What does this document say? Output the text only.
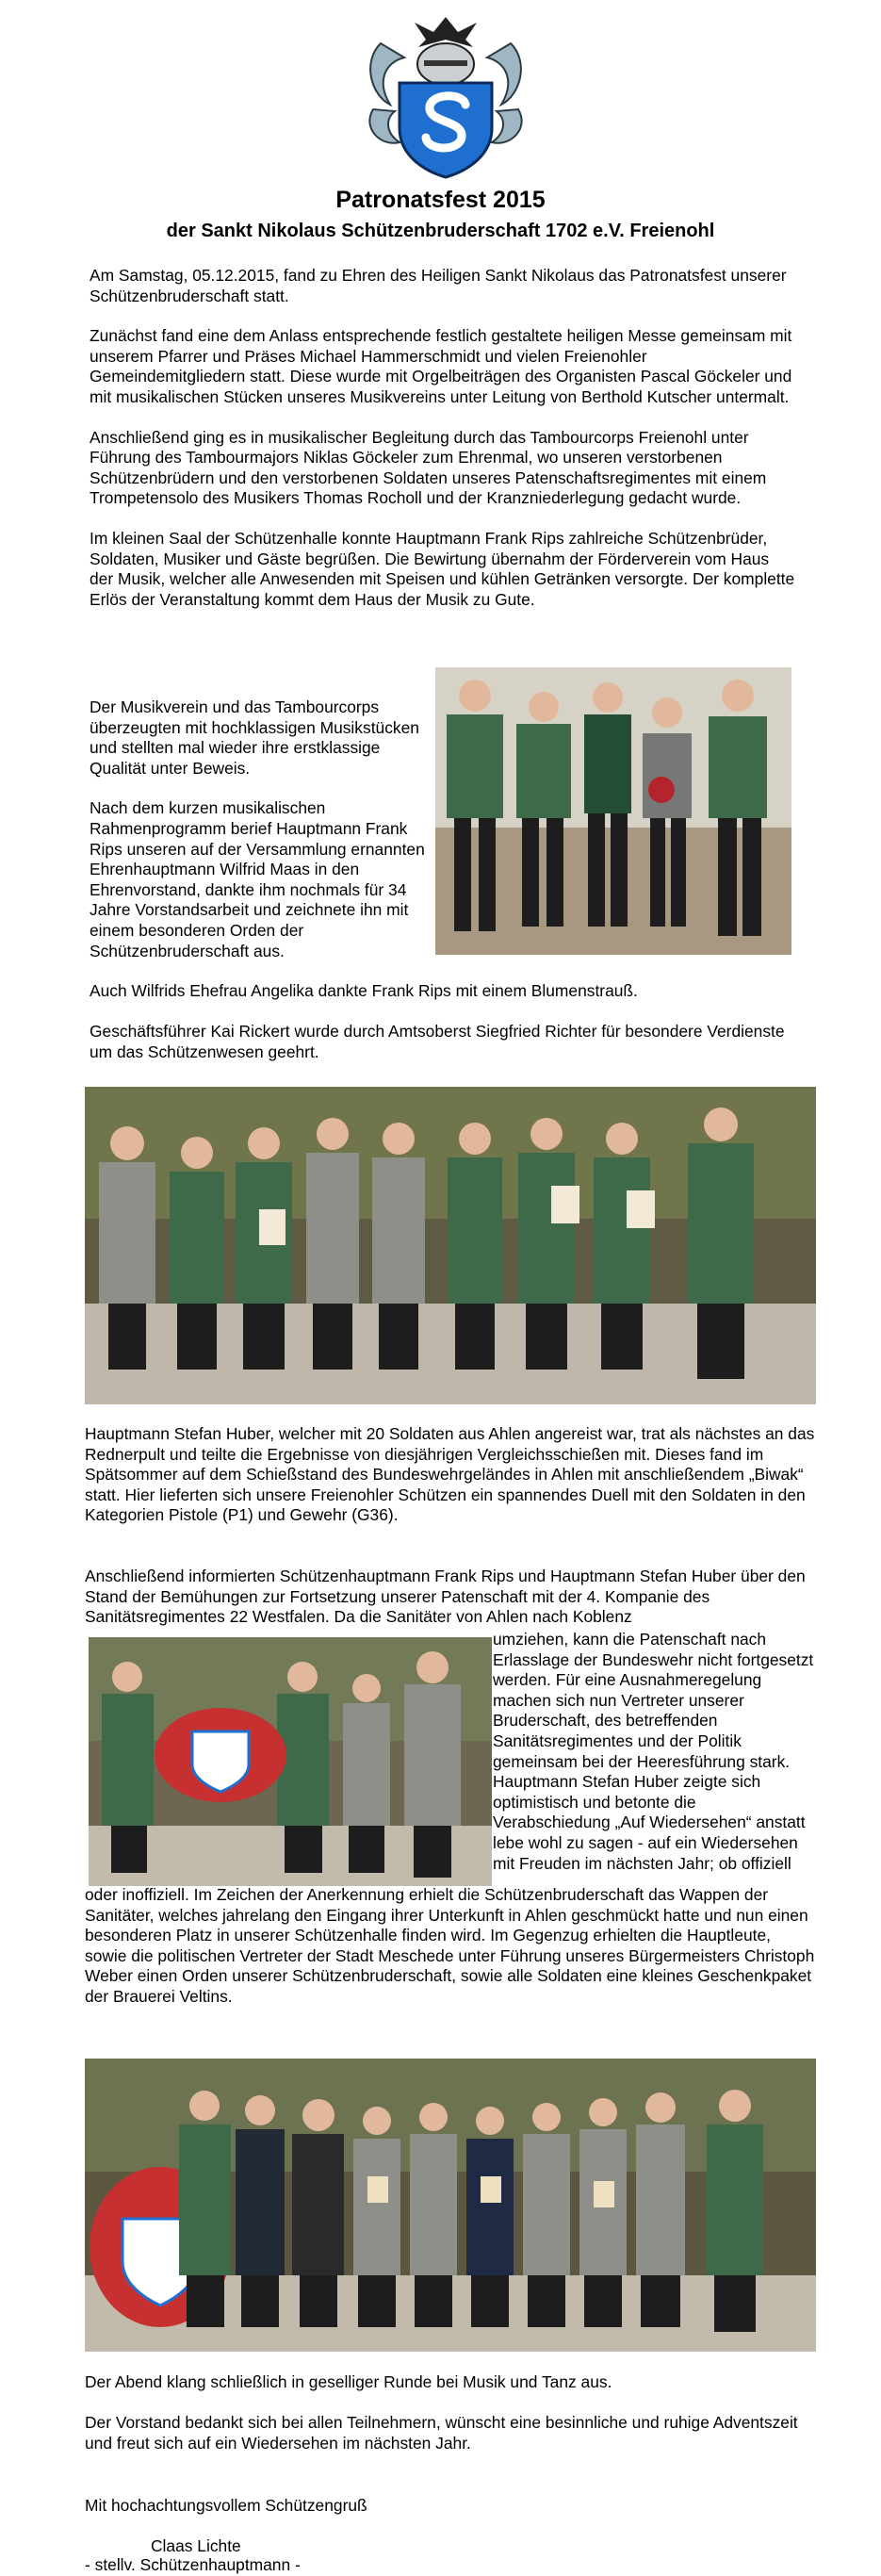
Patronatsfest 2015
der Sankt Nikolaus Schützenbruderschaft 1702 e.V. Freienohl

Am Samstag, 05.12.2015, fand zu Ehren des Heiligen Sankt Nikolaus das Patronatsfest unserer Schützenbruderschaft statt.

Zunächst fand eine dem Anlass entsprechende festlich gestaltete heiligen Messe gemeinsam mit unserem Pfarrer und Präses Michael Hammerschmidt und vielen Freienohler Gemeindemitgliedern statt. Diese wurde mit Orgelbeiträgen des Organisten Pascal Göckeler und mit musikalischen Stücken unseres Musikvereins unter Leitung von Berthold Kutscher untermalt.

Anschließend ging es in musikalischer Begleitung durch das Tambourcorps Freienohl unter Führung des Tambourmajors Niklas Göckeler zum Ehrenmal, wo unseren verstorbenen Schützenbrüdern und den verstorbenen Soldaten unseres Patenschaftsregimentes mit einem Trompetensolo des Musikers Thomas Rocholl und der Kranzniederlegung gedacht wurde.

Im kleinen Saal der Schützenhalle konnte Hauptmann Frank Rips zahlreiche Schützenbrüder, Soldaten, Musiker und Gäste begrüßen. Die Bewirtung übernahm der Förderverein vom Haus der Musik, welcher alle Anwesenden mit Speisen und kühlen Getränken versorgte. Der komplette Erlös der Veranstaltung kommt dem Haus der Musik zu Gute.

Der Musikverein und das Tambourcorps überzeugten mit hochklassigen Musikstücken und stellten mal wieder ihre erstklassige Qualität unter Beweis.

Nach dem kurzen musikalischen Rahmenprogramm berief Hauptmann Frank Rips unseren auf der Versammlung ernannten Ehrenhauptmann Wilfrid Maas in den Ehrenvorstand, dankte ihm nochmals für 34 Jahre Vorstandsarbeit und zeichnete ihn mit einem besonderen Orden der Schützenbruderschaft aus.

Auch Wilfrids Ehefrau Angelika dankte Frank Rips mit einem Blumenstrauß.
Geschäftsführer Kai Rickert wurde durch Amtsoberst Siegfried Richter für besondere Verdienste um das Schützenwesen geehrt.
Hauptmann Stefan Huber, welcher mit 20 Soldaten aus Ahlen angereist war, trat als nächstes an das Rednerpult und teilte die Ergebnisse von diesjährigen Vergleichsschießen mit. Dieses fand im Spätsommer auf dem Schießstand des Bundeswehrgeländes in Ahlen mit anschließendem „Biwak“ statt. Hier lieferten sich unsere Freienohler Schützen ein spannendes Duell mit den Soldaten in den Kategorien Pistole (P1) und Gewehr (G36).
Anschließend informierten Schützenhauptmann Frank Rips und Hauptmann Stefan Huber über den Stand der Bemühungen zur Fortsetzung unserer Patenschaft mit der 4. Kompanie des Sanitätsregimentes 22 Westfalen. Da die Sanitäter von Ahlen nach Koblenz
umziehen, kann die Patenschaft nach Erlasslage der Bundeswehr nicht fortgesetzt werden. Für eine Ausnahmeregelung machen sich nun Vertreter unserer Bruderschaft, des betreffenden Sanitätsregimentes und der Politik gemeinsam bei der Heeresführung stark. Hauptmann Stefan Huber zeigte sich optimistisch und betonte die Verabschiedung „Auf Wiedersehen“ anstatt lebe wohl zu sagen - auf ein Wiedersehen mit Freuden im nächsten Jahr; ob offiziell
oder inoffiziell. Im Zeichen der Anerkennung erhielt die Schützenbruderschaft das Wappen der Sanitäter, welches jahrelang den Eingang ihrer Unterkunft in Ahlen geschmückt hatte und nun einen besonderen Platz in unserer Schützenhalle finden wird. Im Gegenzug erhielten die Hauptleute, sowie die politischen Vertreter der Stadt Meschede unter Führung unseres Bürgermeisters Christoph Weber einen Orden unserer Schützenbruderschaft, sowie alle Soldaten eine kleines Geschenkpaket der Brauerei Veltins.
Der Abend klang schließlich in geselliger Runde bei Musik und Tanz aus.
Der Vorstand bedankt sich bei allen Teilnehmern, wünscht eine besinnliche und ruhige Adventszeit und freut sich auf ein Wiedersehen im nächsten Jahr.
Mit hochachtungsvollem Schützengruß
Claas Lichte
- stellv. Schützenhauptmann -
